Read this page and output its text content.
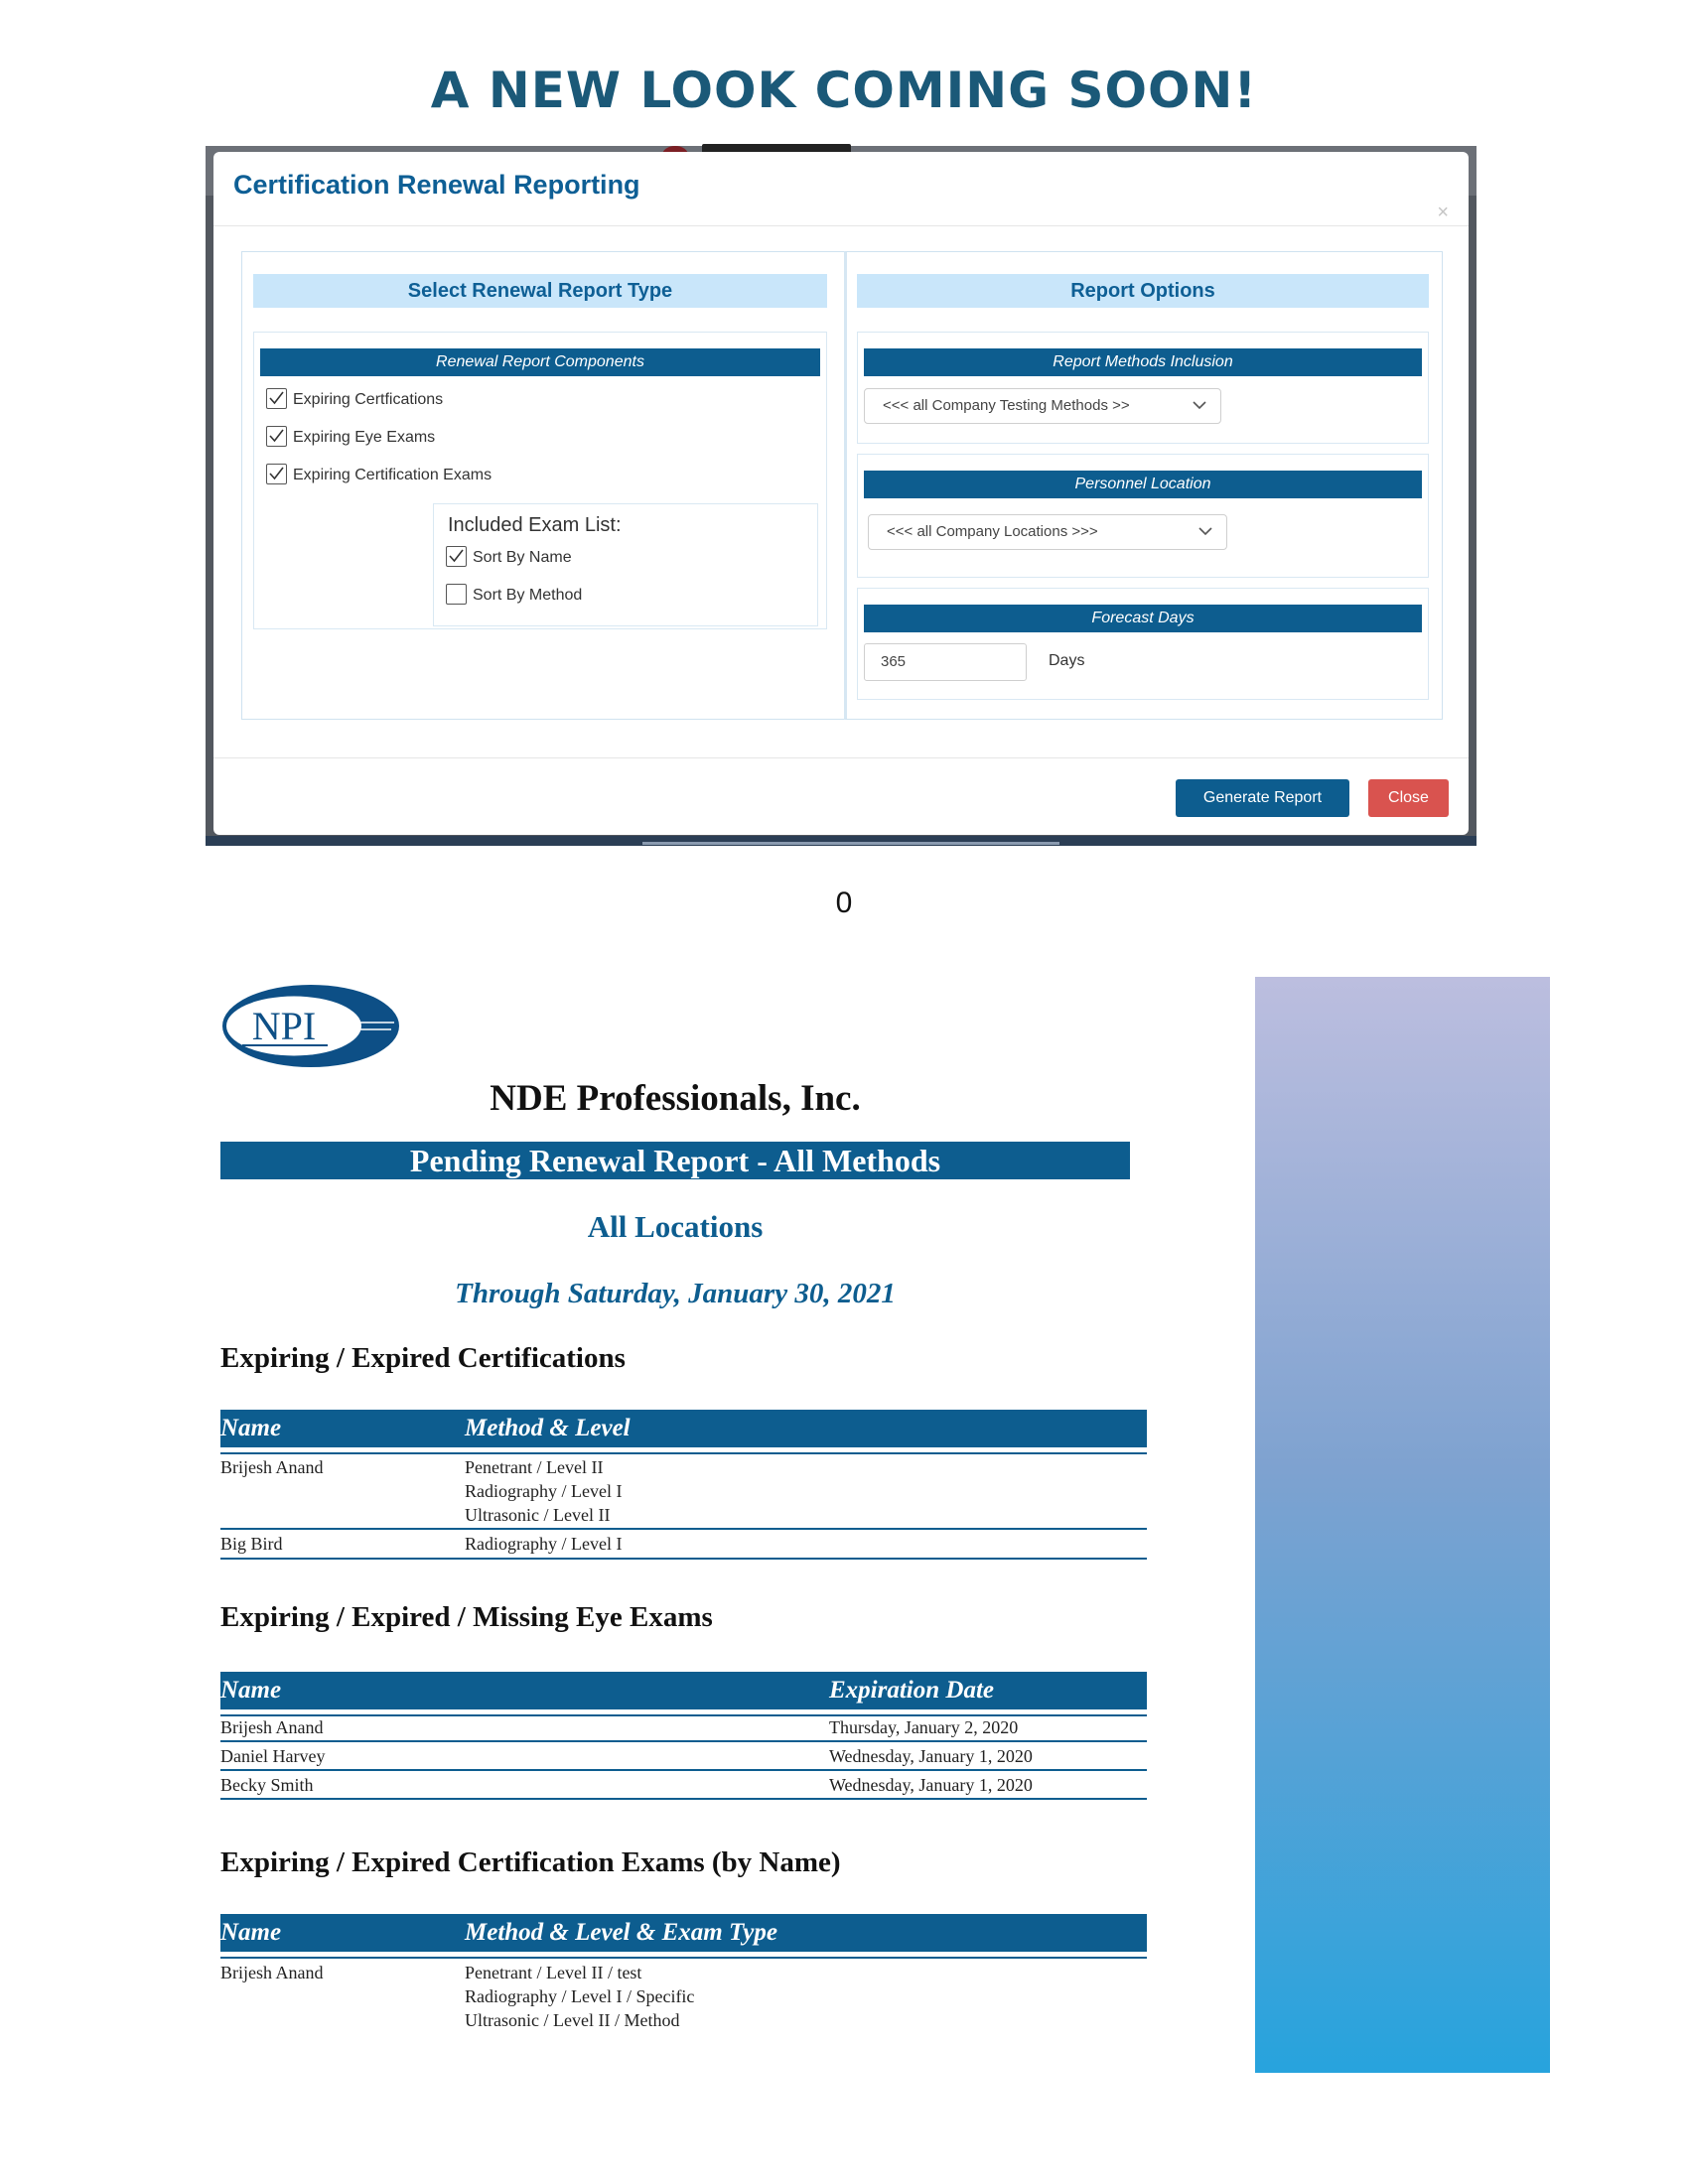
A NEW LOOK COMING SOON!
Certification Renewal Reporting
×
Select Renewal Report Type
Renewal Report Components
Expiring Certfications
Expiring Eye Exams
Expiring Certification Exams
Included Exam List:
Sort By Name
Sort By Method
Report Options
Report Methods Inclusion
<<< all Company Testing Methods >>
Personnel Location
<<< all Company Locations >>>
Forecast Days
365	Days
Generate Report	Close
0
NPI
NDE Professionals, Inc.
Pending Renewal Report - All Methods
All Locations
Through Saturday, January 30, 2021
Expiring / Expired Certifications
Name	Method & Level
Brijesh Anand	Penetrant / Level II
Radiography / Level I
Ultrasonic / Level II
Big Bird	Radiography / Level I
Expiring / Expired / Missing Eye Exams
Name	Expiration Date
Brijesh Anand	Thursday, January 2, 2020
Daniel Harvey	Wednesday, January 1, 2020
Becky Smith	Wednesday, January 1, 2020
Expiring / Expired Certification Exams (by Name)
Name	Method & Level & Exam Type
Brijesh Anand	Penetrant / Level II / test
Radiography / Level I / Specific
Ultrasonic / Level II / Method
